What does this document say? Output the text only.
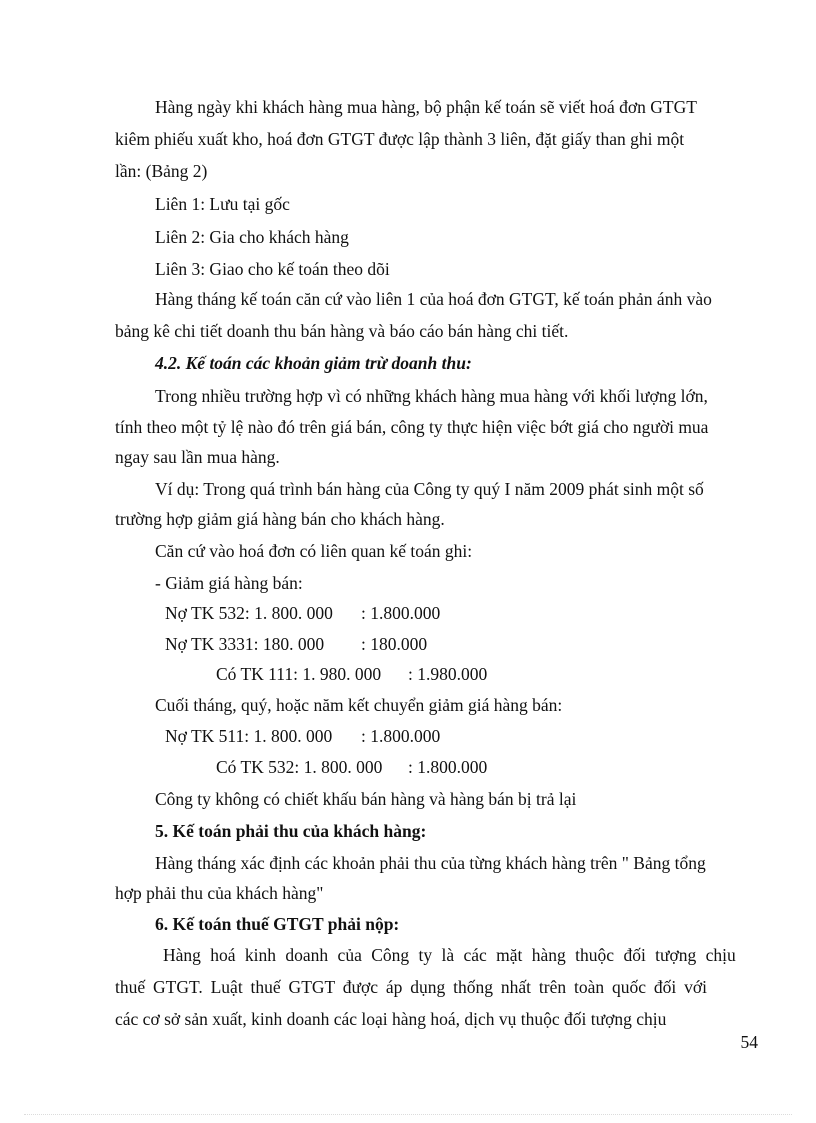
Hàng ngày khi khách hàng mua hàng, bộ phận kế toán sẽ viết hoá đơn GTGT
kiêm phiếu xuất kho, hoá đơn GTGT được lập thành 3 liên, đặt giấy than ghi một
lần: (Bảng 2)
Liên 1: Lưu tại gốc
Liên 2: Gia cho khách hàng
Liên 3: Giao cho kế toán theo dõi
Hàng tháng kế toán căn cứ vào liên 1 của hoá đơn GTGT, kế toán phản ánh vào
bảng kê chi tiết doanh thu bán hàng và báo cáo bán hàng chi tiết.
4.2. Kế toán các khoản giảm trừ doanh thu:
Trong nhiều trường hợp vì có những khách hàng mua hàng với khối lượng lớn,
tính theo một tỷ lệ nào đó trên giá bán, công ty thực hiện việc bớt giá cho người mua
ngay sau lần mua hàng.
Ví dụ: Trong quá trình bán hàng của Công ty quý I năm 2009 phát sinh một số
trường hợp giảm giá hàng bán cho khách hàng.
Căn cứ vào hoá đơn có liên quan kế toán ghi:
- Giảm giá hàng bán:
Nợ TK 532: 1. 800. 000 : 1.800.000
Nợ TK 3331: 180. 000 : 180.000
Có TK 111: 1. 980. 000 : 1.980.000
Cuối tháng, quý, hoặc năm kết chuyển giảm giá hàng bán:
Nợ TK 511: 1. 800. 000 : 1.800.000
Có TK 532: 1. 800. 000 : 1.800.000
Công ty không có chiết khấu bán hàng và hàng bán bị trả lại
5. Kế toán phải thu của khách hàng:
Hàng tháng xác định các khoản phải thu của từng khách hàng trên " Bảng tổng
hợp phải thu của khách hàng"
6. Kế toán thuế GTGT phải nộp:
Hàng hoá kinh doanh của Công ty là các mặt hàng thuộc đối tượng chịu
thuế GTGT. Luật thuế GTGT được áp dụng thống nhất trên toàn quốc đối với
các cơ sở sản xuất, kinh doanh các loại hàng hoá, dịch vụ thuộc đối tượng chịu
54
